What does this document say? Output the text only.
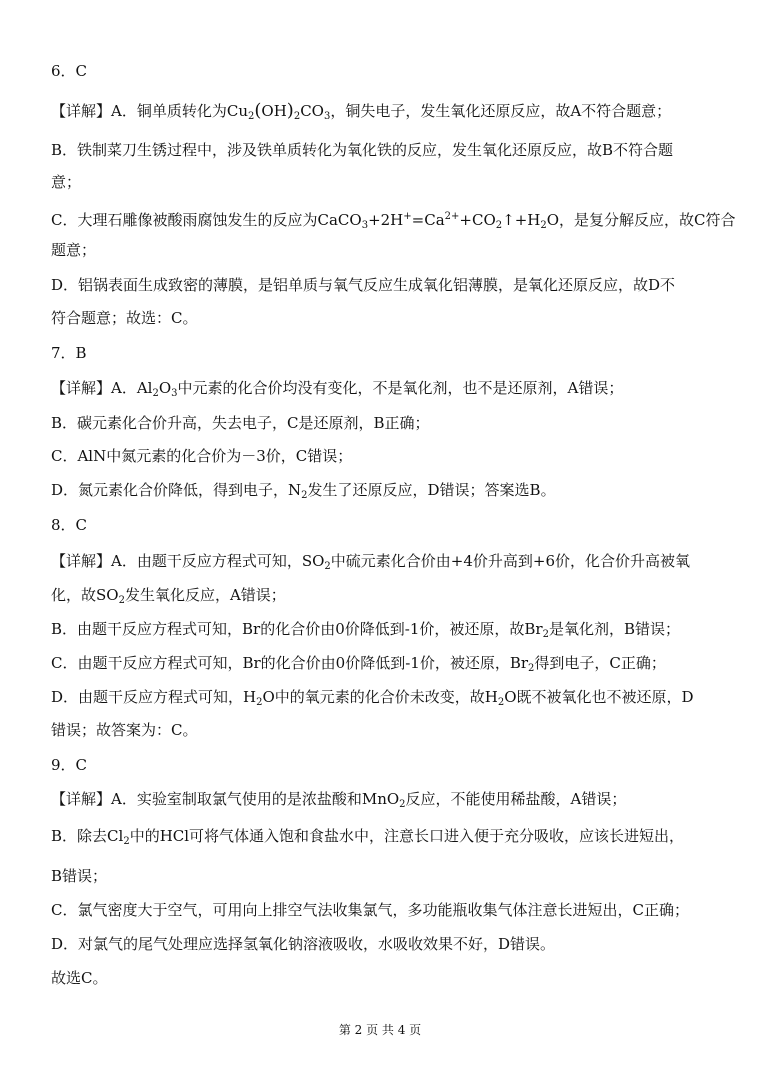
6．C
【详解】A．铜单质转化为$Cu_2(OH)_2CO_3$，铜失电子，发生氧化还原反应，故A不符合题意；
B．铁制菜刀生锈过程中，涉及铁单质转化为氧化铁的反应，发生氧化还原反应，故B不符合题
意；
C．大理石雕像被酸雨腐蚀发生的反应为$CaCO_3+2H^+=Ca^{2+}+CO_2↑+H_2O$，是复分解反应，故C符合
题意；
D．铝锅表面生成致密的薄膜，是铝单质与氧气反应生成氧化铝薄膜，是氧化还原反应，故D不
符合题意；故选：C。
7．B
【详解】A．$Al_2O_3$中元素的化合价均没有变化，不是氧化剂，也不是还原剂，A错误；
B．碳元素化合价升高，失去电子，C是还原剂，B正确；
C．AlN中氮元素的化合价为－3价，C错误；
D．氮元素化合价降低，得到电子，$N_2$发生了还原反应，D错误；答案选B。
8．C
【详解】A．由题干反应方程式可知，$SO_2$中硫元素化合价由+4价升高到+6价，化合价升高被氧
化，故$SO_2$发生氧化反应，A错误；
B．由题干反应方程式可知，Br的化合价由0价降低到-1价，被还原，故$Br_2$是氧化剂，B错误；
C．由题干反应方程式可知，Br的化合价由0价降低到-1价，被还原，$Br_2$得到电子，C正确；
D．由题干反应方程式可知，$H_2O$中的氧元素的化合价未改变，故$H_2O$既不被氧化也不被还原，D
错误；故答案为：C。
9．C
【详解】A．实验室制取氯气使用的是浓盐酸和MnO$_2$反应，不能使用稀盐酸，A错误；
B．除去$Cl_2$中的HCl可将气体通入饱和食盐水中，注意长口进入便于充分吸收，应该长进短出，
B错误；
C．氯气密度大于空气，可用向上排空气法收集氯气，多功能瓶收集气体注意长进短出，C正确；
D．对氯气的尾气处理应选择氢氧化钠溶液吸收，水吸收效果不好，D错误。
故选C。
第 2 页 共 4 页
